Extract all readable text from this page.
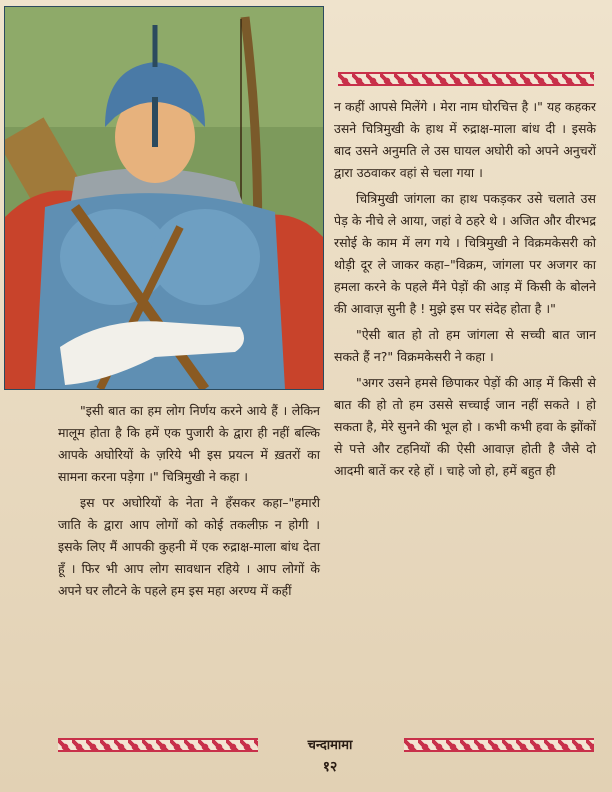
न कहीं आपसे मिलेंगे । मेरा नाम घोरचित्त है ।" यह कहकर उसने चित्रिमुखी के हाथ में रुद्राक्ष-माला बांध दी । इसके बाद उसने अनुमति ले उस घायल अघोरी को अपने अनुचरों द्वारा उठवाकर वहां से चला गया ।

चित्रिमुखी जांगला का हाथ पकड़कर उसे चलाते उस पेड़ के नीचे ले आया, जहां वे ठहरे थे । अजित और वीरभद्र रसोई के काम में लग गये । चित्रिमुखी ने विक्रमकेसरी को थोड़ी दूर ले जाकर कहा–"विक्रम, जांगला पर अजगर का हमला करने के पहले मैंने पेड़ों की आड़ में किसी के बोलने की आवाज़ सुनी है ! मुझे इस पर संदेह होता है ।"

"ऐसी बात हो तो हम जांगला से सच्ची बात जान सकते हैं न?" विक्रमकेसरी ने कहा ।

"अगर उसने हमसे छिपाकर पेड़ों की आड़ में किसी से बात की हो तो हम उससे सच्चाई जान नहीं सकते । हो सकता है, मेरे सुनने की भूल हो । कभी कभी हवा के झोंकों से पत्ते और टहनियों की ऐसी आवाज़ होती है जैसे दो आदमी बातें कर रहे हों । चाहे जो हो, हमें बहुत ही

"इसी बात का हम लोग निर्णय करने आये हैं । लेकिन मालूम होता है कि हमें एक पुजारी के द्वारा ही नहीं बल्कि आपके अघोरियों के ज़रिये भी इस प्रयत्न में ख़तरों का सामना करना पड़ेगा ।" चित्रिमुखी ने कहा ।

इस पर अघोरियों के नेता ने हँसकर कहा–"हमारी जाति के द्वारा आप लोगों को कोई तकलीफ़ न होगी । इसके लिए मैं आपकी कुहनी में एक रुद्राक्ष-माला बांध देता हूँ । फिर भी आप लोग सावधान रहिये । आप लोगों के अपने घर लौटने के पहले हम इस महा अरण्य में कहीं

चन्दामामा
१२
